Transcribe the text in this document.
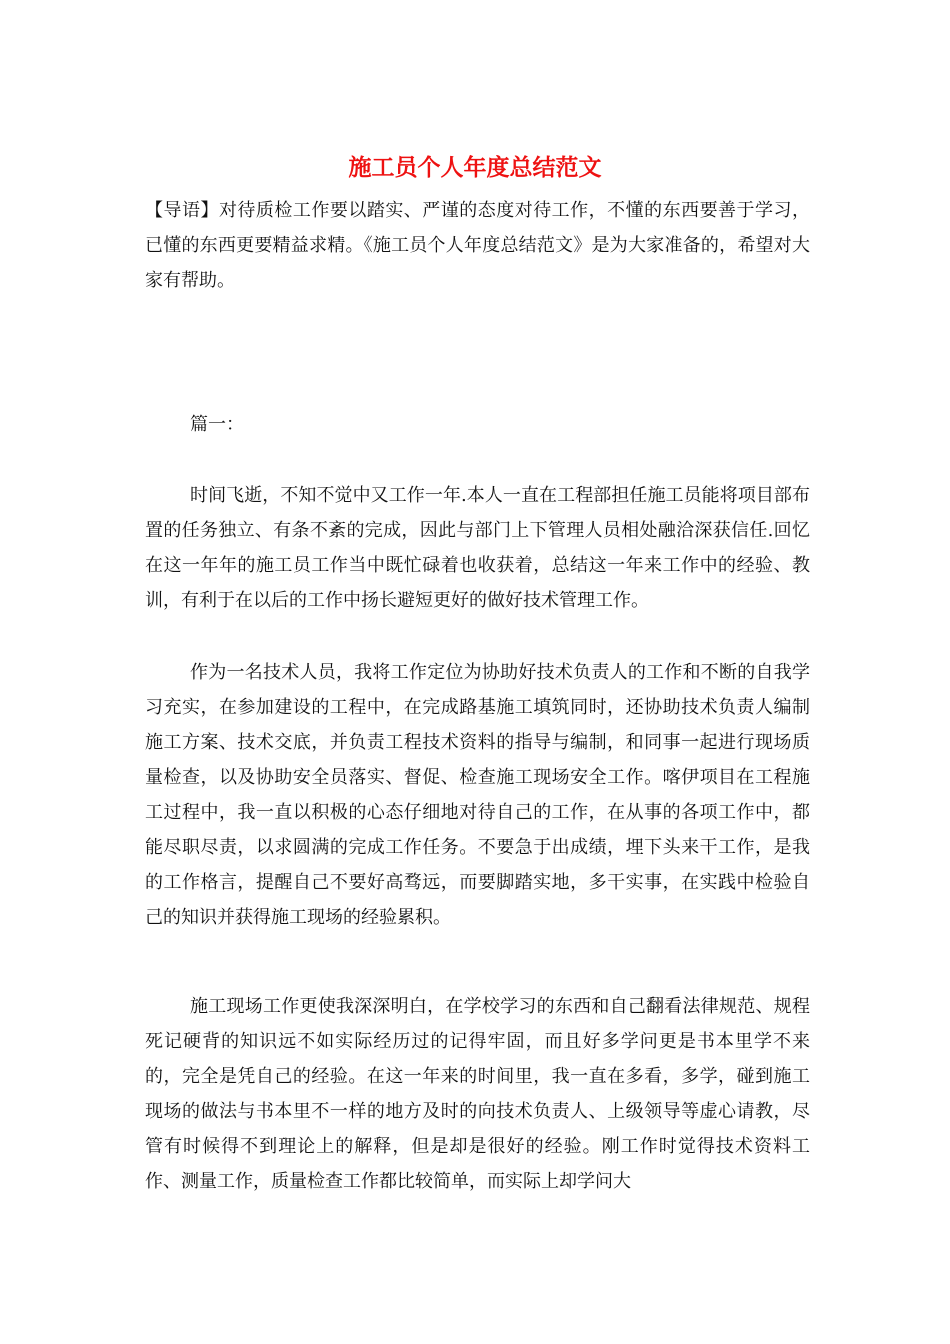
施工员个人年度总结范文

【导语】对待质检工作要以踏实、严谨的态度对待工作，不懂的东西要善于学习，已懂的东西更要精益求精。《施工员个人年度总结范文》是为大家准备的，希望对大家有帮助。

篇一：

时间飞逝，不知不觉中又工作一年.本人一直在工程部担任施工员能将项目部布置的任务独立、有条不紊的完成，因此与部门上下管理人员相处融洽深获信任.回忆在这一年年的施工员工作当中既忙碌着也收获着，总结这一年来工作中的经验、教训，有利于在以后的工作中扬长避短更好的做好技术管理工作。

作为一名技术人员，我将工作定位为协助好技术负责人的工作和不断的自我学习充实，在参加建设的工程中，在完成路基施工填筑同时，还协助技术负责人编制施工方案、技术交底，并负责工程技术资料的指导与编制，和同事一起进行现场质量检查，以及协助安全员落实、督促、检查施工现场安全工作。喀伊项目在工程施工过程中，我一直以积极的心态仔细地对待自己的工作，在从事的各项工作中，都能尽职尽责，以求圆满的完成工作任务。不要急于出成绩，埋下头来干工作，是我的工作格言，提醒自己不要好高骛远，而要脚踏实地，多干实事，在实践中检验自己的知识并获得施工现场的经验累积。

施工现场工作更使我深深明白，在学校学习的东西和自己翻看法律规范、规程死记硬背的知识远不如实际经历过的记得牢固，而且好多学问更是书本里学不来的，完全是凭自己的经验。在这一年来的时间里，我一直在多看，多学，碰到施工现场的做法与书本里不一样的地方及时的向技术负责人、上级领导等虚心请教，尽管有时候得不到理论上的解释，但是却是很好的经验。刚工作时觉得技术资料工作、测量工作，质量检查工作都比较简单，而实际上却学问大
